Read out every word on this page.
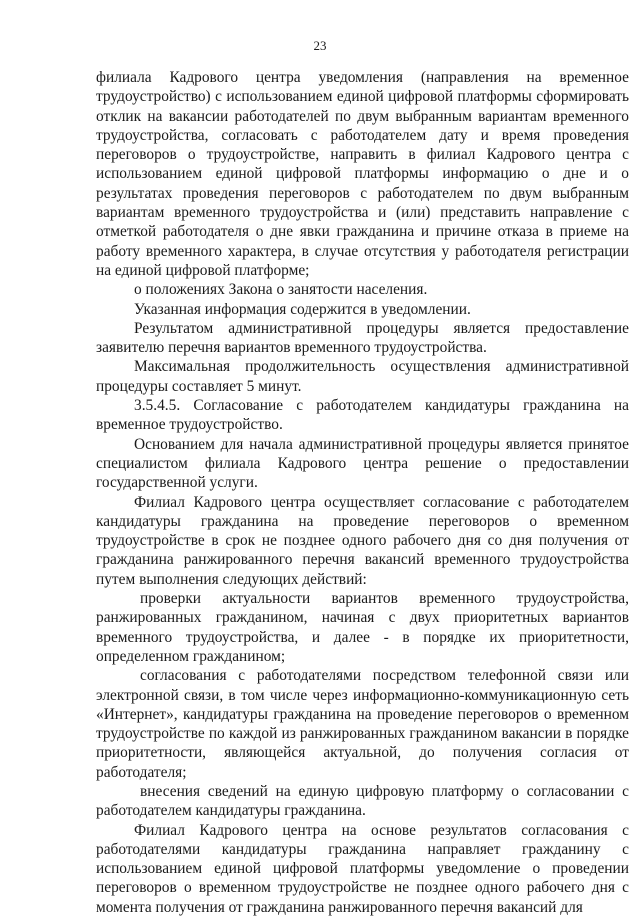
23

филиала Кадрового центра уведомления (направления на временное трудоустройство) с использованием единой цифровой платформы сформировать отклик на вакансии работодателей по двум выбранным вариантам временного трудоустройства, согласовать с работодателем дату и время проведения переговоров о трудоустройстве, направить в филиал Кадрового центра с использованием единой цифровой платформы информацию о дне и о результатах проведения переговоров с работодателем по двум выбранным вариантам временного трудоустройства и (или) представить направление с отметкой работодателя о дне явки гражданина и причине отказа в приеме на работу временного характера, в случае отсутствия у работодателя регистрации на единой цифровой платформе;

о положениях Закона о занятости населения.

Указанная информация содержится в уведомлении.

Результатом административной процедуры является предоставление заявителю перечня вариантов временного трудоустройства.

Максимальная продолжительность осуществления административной процедуры составляет 5 минут.

3.5.4.5. Согласование с работодателем кандидатуры гражданина на временное трудоустройство.

Основанием для начала административной процедуры является принятое специалистом филиала Кадрового центра решение о предоставлении государственной услуги.

Филиал Кадрового центра осуществляет согласование с работодателем кандидатуры гражданина на проведение переговоров о временном трудоустройстве в срок не позднее одного рабочего дня со дня получения от гражданина ранжированного перечня вакансий временного трудоустройства путем выполнения следующих действий:

проверки актуальности вариантов временного трудоустройства, ранжированных гражданином, начиная с двух приоритетных вариантов временного трудоустройства, и далее - в порядке их приоритетности, определенном гражданином;

согласования с работодателями посредством телефонной связи или электронной связи, в том числе через информационно-коммуникационную сеть «Интернет», кандидатуры гражданина на проведение переговоров о временном трудоустройстве по каждой из ранжированных гражданином вакансии в порядке приоритетности, являющейся актуальной, до получения согласия от работодателя;

внесения сведений на единую цифровую платформу о согласовании с работодателем кандидатуры гражданина.

Филиал Кадрового центра на основе результатов согласования с работодателями кандидатуры гражданина направляет гражданину с использованием единой цифровой платформы уведомление о проведении переговоров о временном трудоустройстве не позднее одного рабочего дня с момента получения от гражданина ранжированного перечня вакансий для
